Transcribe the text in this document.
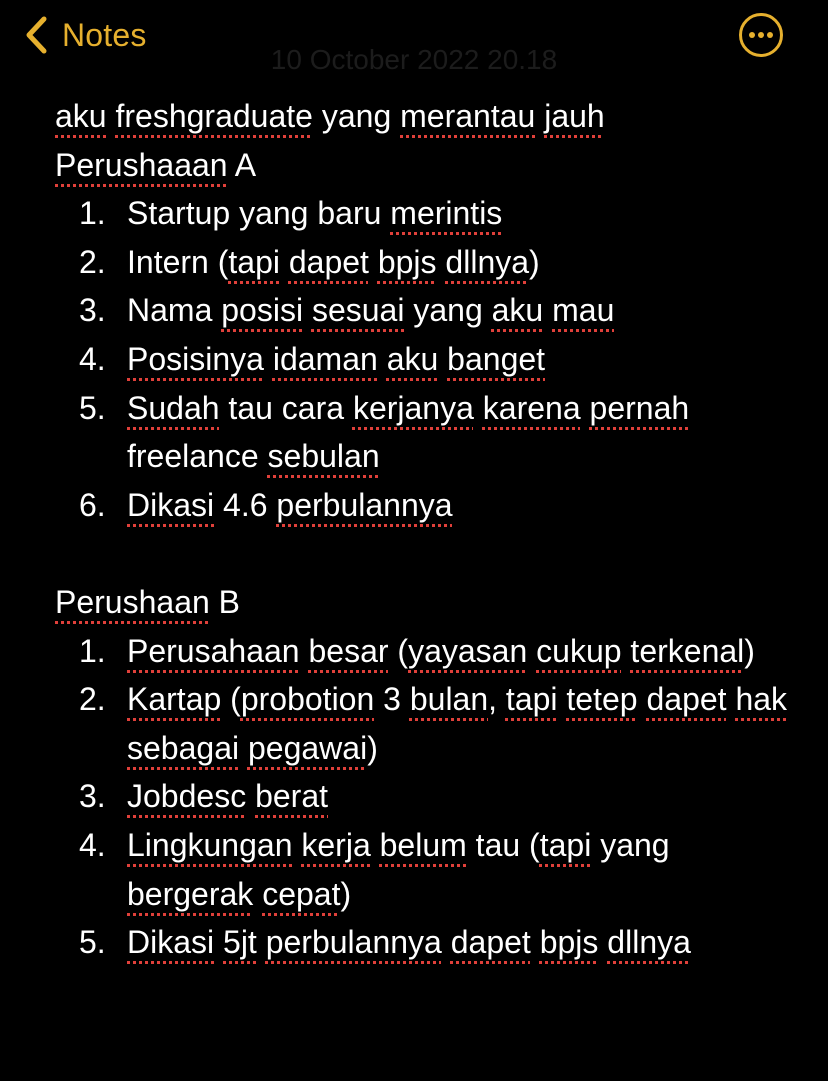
Notes
10 October 2022 20.18

aku freshgraduate yang merantau jauh

Perushaaan A

1. Startup yang baru merintis
2. Intern (tapi dapet bpjs dllnya)
3. Nama posisi sesuai yang aku mau
4. Posisinya idaman aku banget
5. Sudah tau cara kerjanya karena pernah freelance sebulan
6. Dikasi 4.6 perbulannya

Perushaan B

1. Perusahaan besar (yayasan cukup terkenal)
2. Kartap (probotion 3 bulan, tapi tetep dapet hak sebagai pegawai)
3. Jobdesc berat
4. Lingkungan kerja belum tau (tapi yang bergerak cepat)
5. Dikasi 5jt perbulannya dapet bpjs dllnya
